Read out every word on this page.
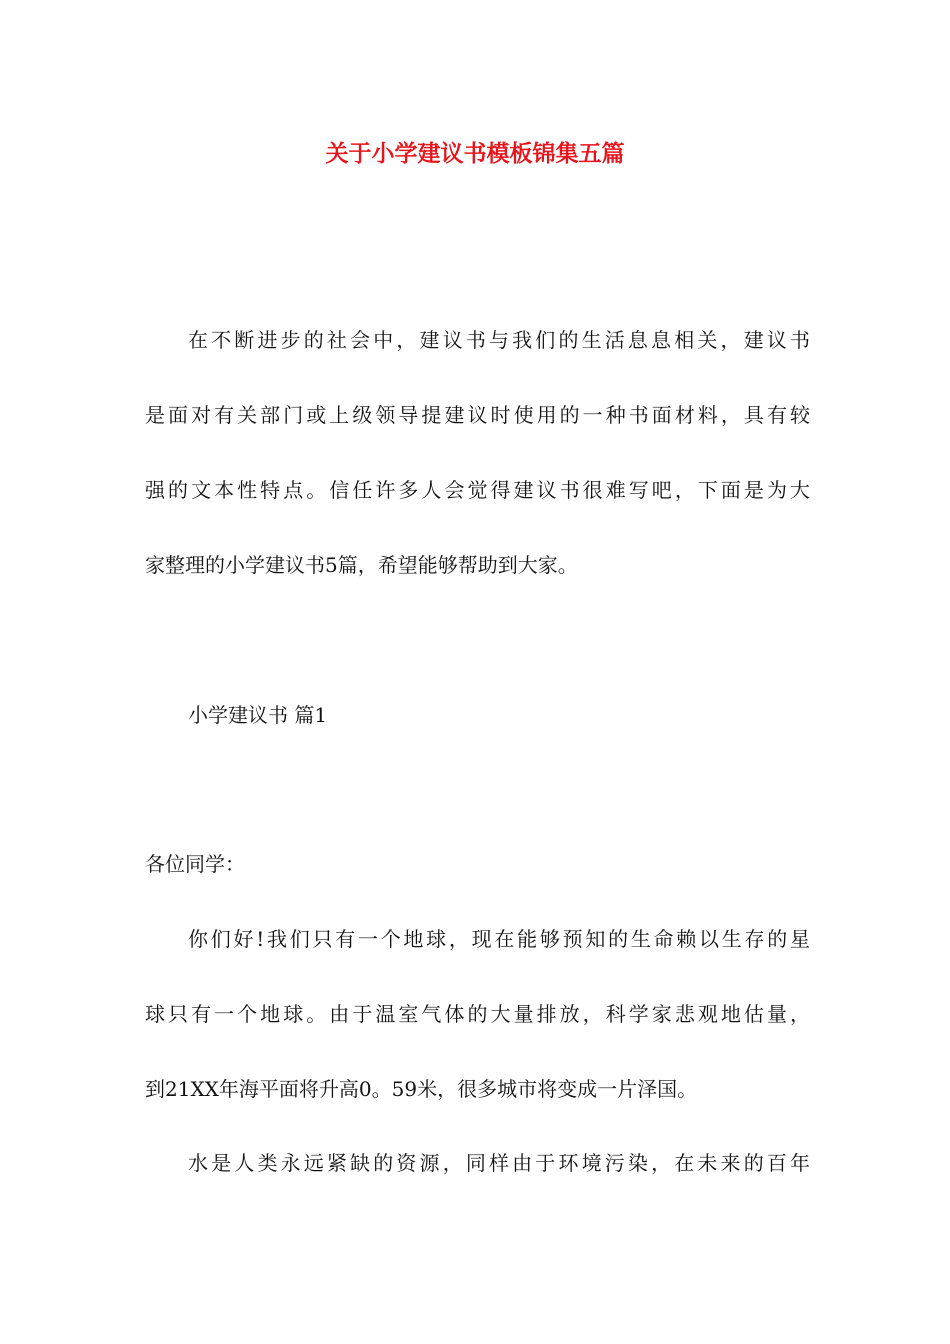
关于小学建议书模板锦集五篇
在不断进步的社会中，建议书与我们的生活息息相关，建议书
是面对有关部门或上级领导提建议时使用的一种书面材料，具有较
强的文本性特点。信任许多人会觉得建议书很难写吧，下面是为大
家整理的小学建议书5篇，希望能够帮助到大家。
小学建议书 篇1
各位同学：
你们好!我们只有一个地球，现在能够预知的生命赖以生存的星
球只有一个地球。由于温室气体的大量排放，科学家悲观地估量，
到21XX年海平面将升高0。59米，很多城市将变成一片泽国。
水是人类永远紧缺的资源，同样由于环境污染，在未来的百年
